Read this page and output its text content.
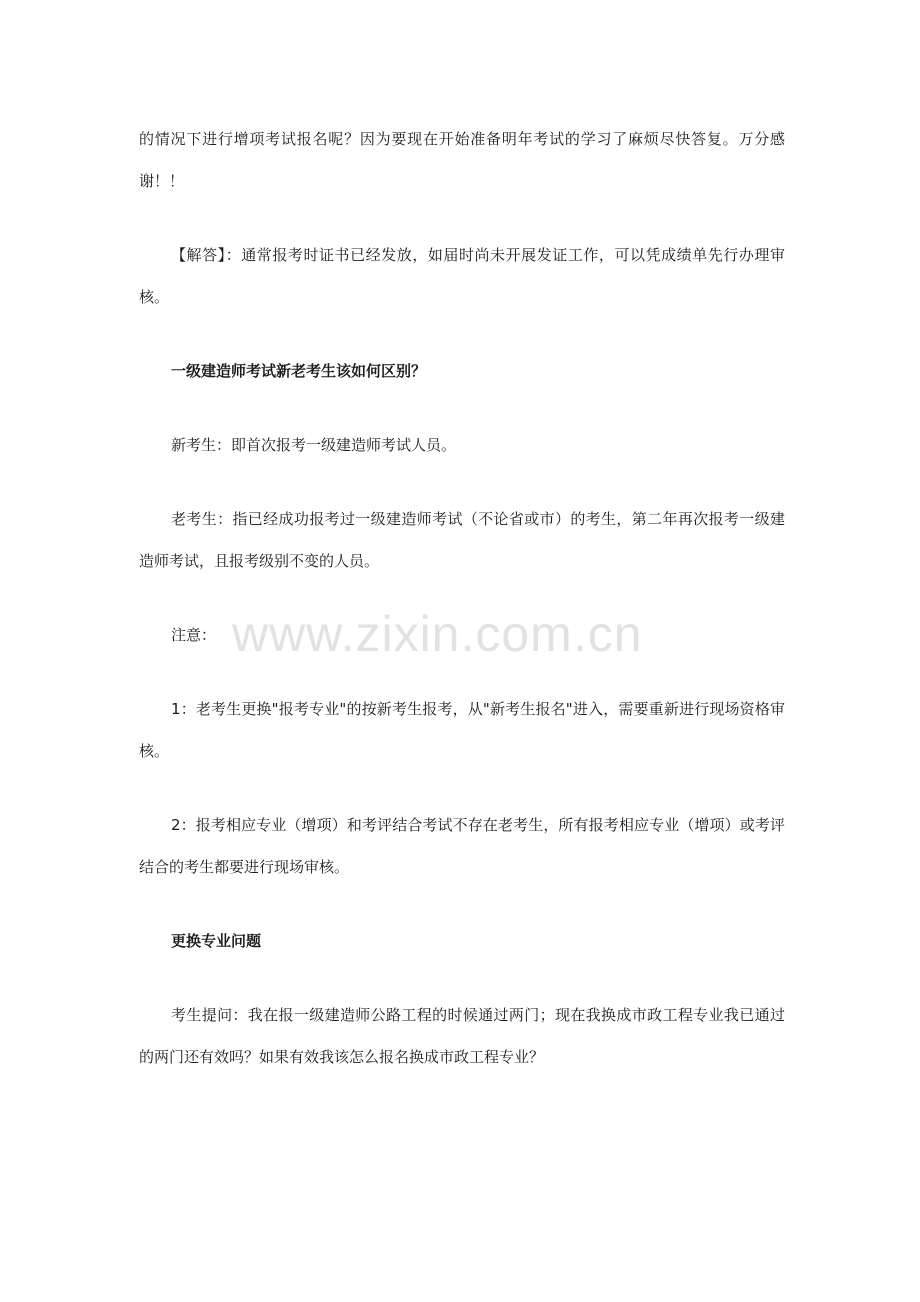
的情况下进行增项考试报名呢？因为要现在开始准备明年考试的学习了麻烦尽快答复。万分感谢！！

【解答】：通常报考时证书已经发放，如届时尚未开展发证工作，可以凭成绩单先行办理审核。

一级建造师考试新老考生该如何区别？

新考生：即首次报考一级建造师考试人员。

老考生：指已经成功报考过一级建造师考试（不论省或市）的考生，第二年再次报考一级建造师考试，且报考级别不变的人员。

注意：

1：老考生更换"报考专业"的按新考生报考，从"新考生报名"进入，需要重新进行现场资格审核。

2：报考相应专业（增项）和考评结合考试不存在老考生，所有报考相应专业（增项）或考评结合的考生都要进行现场审核。

更换专业问题

考生提问：我在报一级建造师公路工程的时候通过两门；现在我换成市政工程专业我已通过的两门还有效吗？如果有效我该怎么报名换成市政工程专业？

www.zixin.com.cn
